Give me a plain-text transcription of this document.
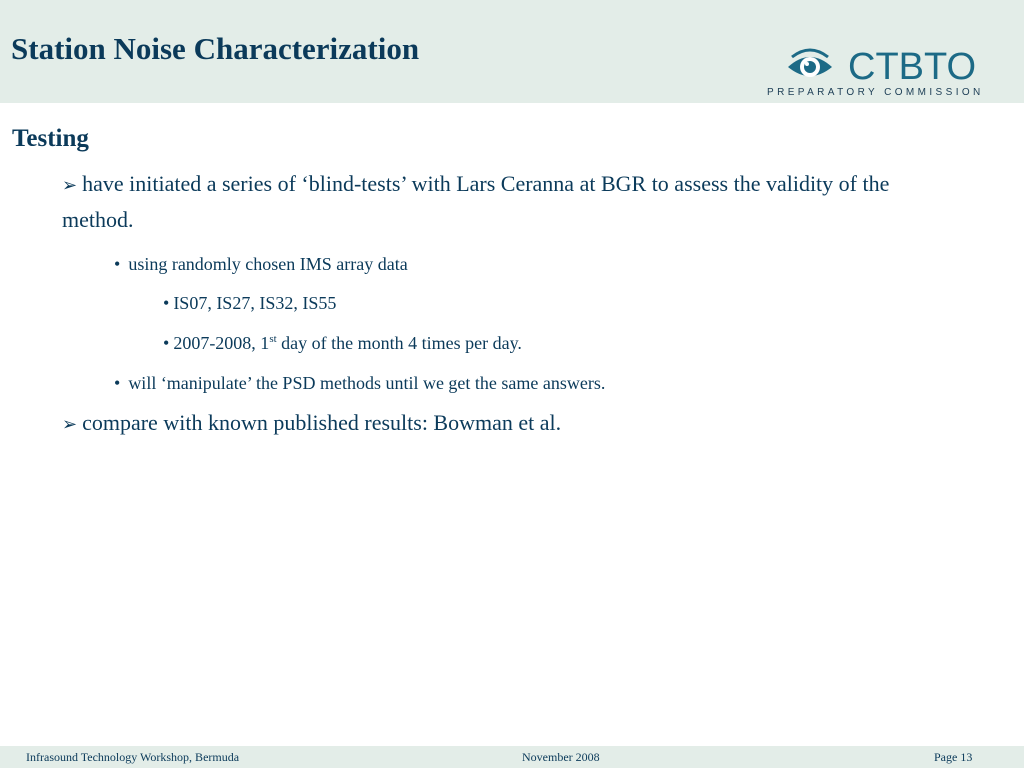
Station Noise Characterization	CTBTO
PREPARATORY COMMISSION
Testing
➢ have initiated a series of ‘blind-tests’ with Lars Ceranna at BGR to assess the validity of the method.
• using randomly chosen IMS array data
• IS07, IS27, IS32, IS55
• 2007-2008, 1st day of the month 4 times per day.
• will ‘manipulate’ the PSD methods until we get the same answers.
➢ compare with known published results: Bowman et al.
Infrasound Technology Workshop, Bermuda	November 2008	Page 13
